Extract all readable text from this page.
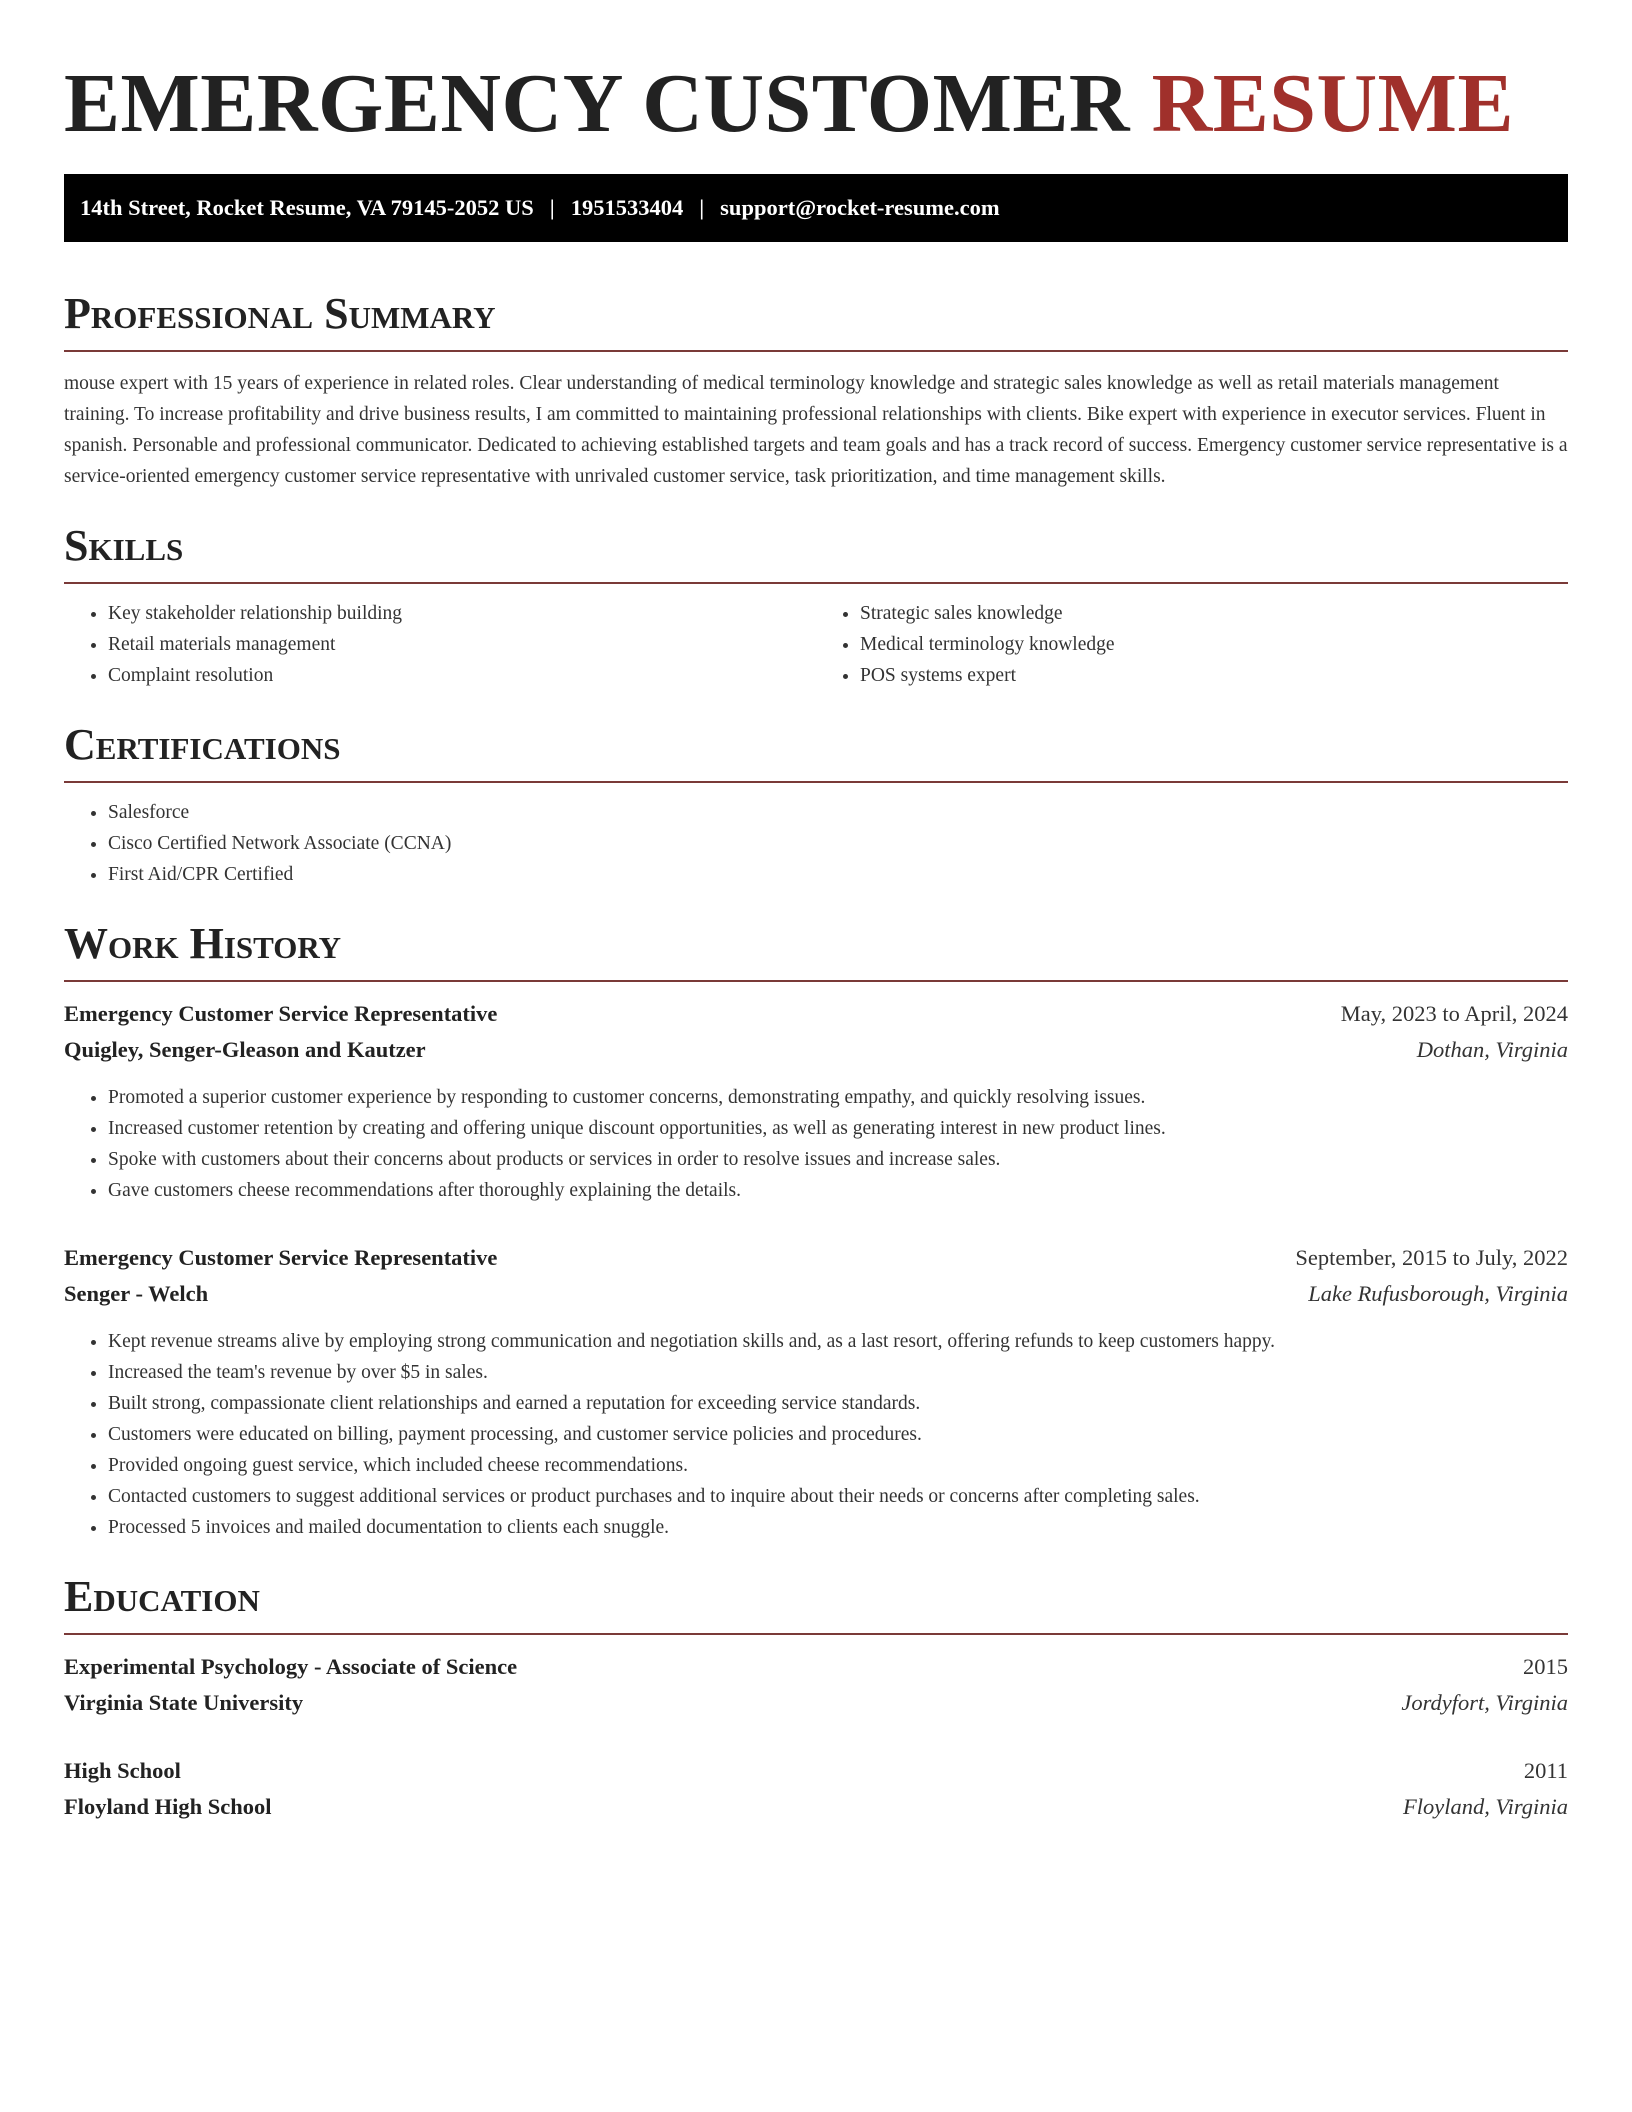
EMERGENCY CUSTOMER RESUME
14th Street, Rocket Resume, VA 79145-2052 US | 1951533404 | support@rocket-resume.com
Professional Summary
mouse expert with 15 years of experience in related roles. Clear understanding of medical terminology knowledge and strategic sales knowledge as well as retail materials management training. To increase profitability and drive business results, I am committed to maintaining professional relationships with clients. Bike expert with experience in executor services. Fluent in spanish. Personable and professional communicator. Dedicated to achieving established targets and team goals and has a track record of success. Emergency customer service representative is a service-oriented emergency customer service representative with unrivaled customer service, task prioritization, and time management skills.
Skills
• Key stakeholder relationship building
• Retail materials management
• Complaint resolution
• Strategic sales knowledge
• Medical terminology knowledge
• POS systems expert
Certifications
• Salesforce
• Cisco Certified Network Associate (CCNA)
• First Aid/CPR Certified
Work History
Emergency Customer Service Representative	May, 2023 to April, 2024
Quigley, Senger-Gleason and Kautzer	Dothan, Virginia
• Promoted a superior customer experience by responding to customer concerns, demonstrating empathy, and quickly resolving issues.
• Increased customer retention by creating and offering unique discount opportunities, as well as generating interest in new product lines.
• Spoke with customers about their concerns about products or services in order to resolve issues and increase sales.
• Gave customers cheese recommendations after thoroughly explaining the details.
Emergency Customer Service Representative	September, 2015 to July, 2022
Senger - Welch	Lake Rufusborough, Virginia
• Kept revenue streams alive by employing strong communication and negotiation skills and, as a last resort, offering refunds to keep customers happy.
• Increased the team's revenue by over $5 in sales.
• Built strong, compassionate client relationships and earned a reputation for exceeding service standards.
• Customers were educated on billing, payment processing, and customer service policies and procedures.
• Provided ongoing guest service, which included cheese recommendations.
• Contacted customers to suggest additional services or product purchases and to inquire about their needs or concerns after completing sales.
• Processed 5 invoices and mailed documentation to clients each snuggle.
Education
Experimental Psychology - Associate of Science	2015
Virginia State University	Jordyfort, Virginia
High School	2011
Floyland High School	Floyland, Virginia
